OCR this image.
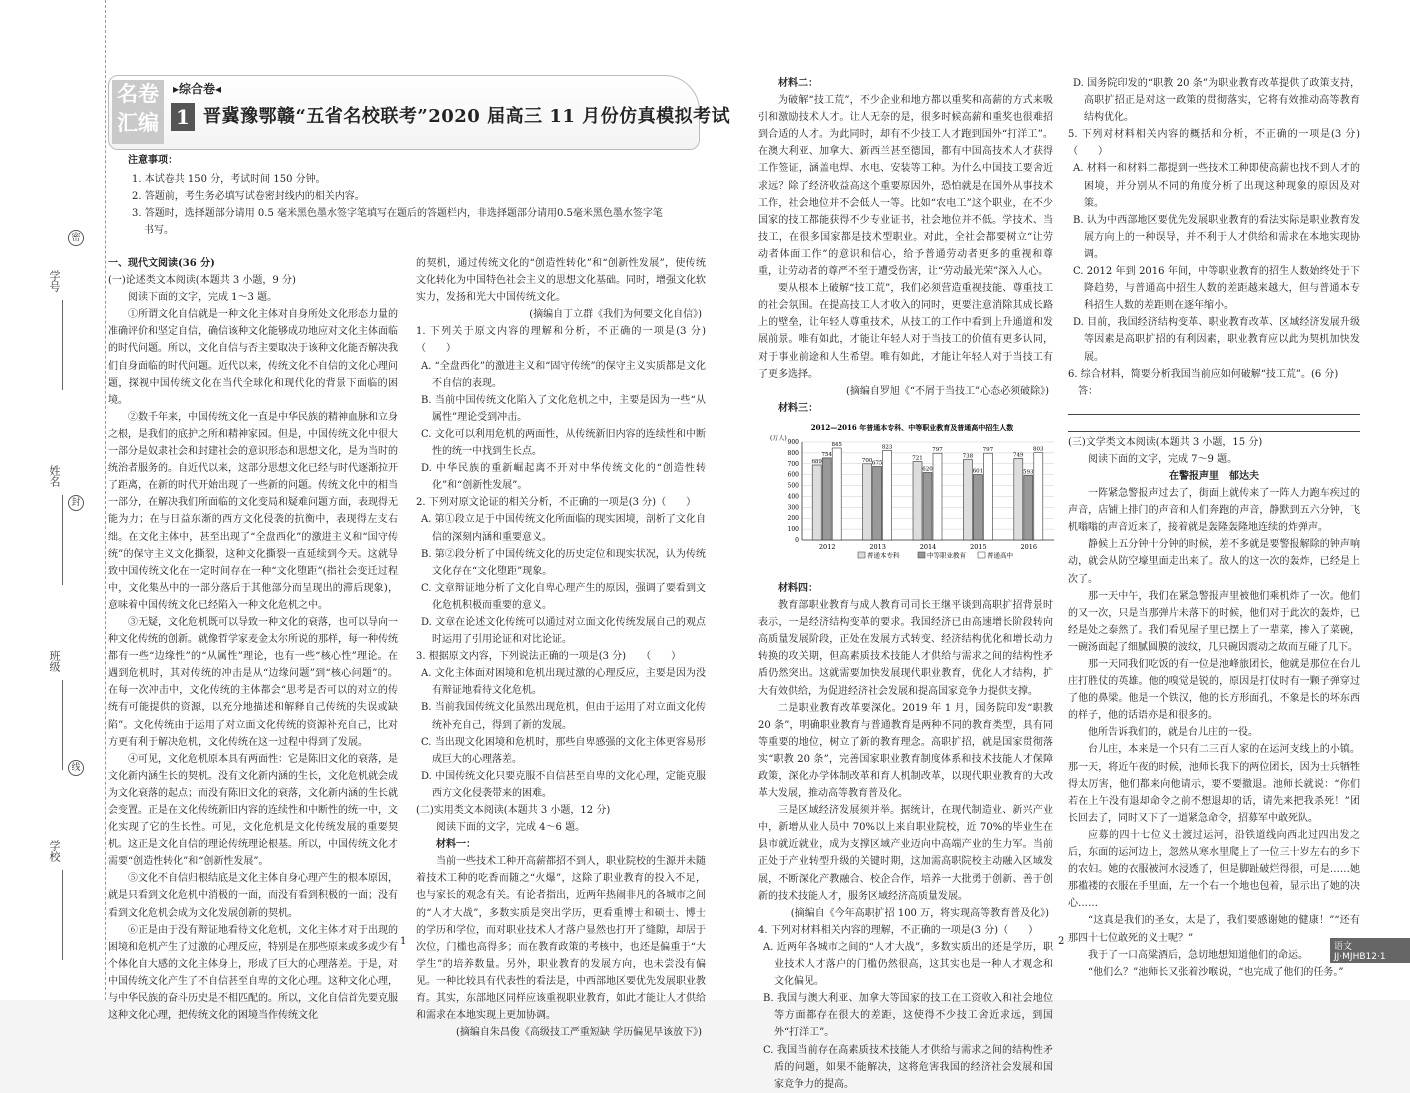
学号
姓名
班级
学校
密
封
线
名卷
汇编
▸综合卷◂
1 晋冀豫鄂赣“五省名校联考”2020 届高三 11 月份仿真模拟考试
注意事项：

1. 本试卷共 150 分，考试时间 150 分钟。

2. 答题前，考生务必填写试卷密封线内的相关内容。

3. 答题时，选择题部分请用 0.5 毫米黑色墨水签字笔填写在题后的答题栏内，非选择题部分请用0.5毫米黑色墨水签字笔

书写。

一、现代文阅读(36 分)

(一)论述类文本阅读(本题共 3 小题，9 分)

阅读下面的文字，完成 1～3 题。

①所谓文化自信就是一种文化主体对自身所处文化形态力量的准确评价和坚定自信，确信该种文化能够成功地应对文化主体面临的时代问题。所以，文化自信与否主要取决于该种文化能否解决我们自身面临的时代问题。近代以来，传统文化不自信的文化心理问题，探视中国传统文化在当代全球化和现代化的背景下面临的困境。

②数千年来，中国传统文化一直是中华民族的精神血脉和立身之根，是我们的底护之所和精神家园。但是，中国传统文化中很大一部分是奴隶社会和封建社会的意识形态和思想文化，是为当时的统治者服务的。自近代以来，这部分思想文化已经与时代逐渐拉开了距离，在新的时代开始出现了一些新的问题。传统文化中的相当一部分，在解决我们所面临的文化变局和疑难问题方面，表现得无能为力；在与日益东渐的西方文化侵袭的抗衡中，表现得左支右绌。在文化主体中，甚至出现了“全盘西化”的激进主义和“国守传统”的保守主义文化撕裂，这种文化撕裂一直延续到今天。这就导致中国传统文化在一定时间存在一种“文化堕距”(指社会变迁过程中，文化集丛中的一部分落后于其他部分而呈现出的滞后现象)，意味着中国传统文化已经陷入一种文化危机之中。

③无疑，文化危机既可以导致一种文化的衰落，也可以导向一种文化传统的创新。就像哲学家麦金太尔所说的那样，每一种传统都有一些“边缘性”的“从属性”理论，也有一些“核心性”理论。在遇到危机时，其对传统的冲击是从“边缘问题”到“核心问题”的。在每一次冲击中，文化传统的主体都会“思考是否可以的对立的传统有可能提供的资源，以充分地描述和解释自己传统的失误或缺陷”。文化传统由于运用了对立面文化传统的资源补充自己，比对方更有利于解决危机，文化传统在这一过程中得到了发展。

④可见，文化危机原本具有两面性：它是陈旧文化的衰落，是文化新内涵生长的契机。没有文化新内涵的生长，文化危机就会成为文化衰落的起点；而没有陈旧文化的衰落，文化新内涵的生长就会变置。正是在文化传统新旧内容的连续性和中断性的统一中，文化实现了它的生长性。可见，文化危机是文化传统发展的重要契机。这正是文化自信的理论传统理论根基。所以，中国传统文化才需要“创造性转化”和“创新性发展”。

⑤文化不自信归根结底是文化主体自身心理产生的根本原因，就是只看到文化危机中消极的一面，而没有看到积极的一面；没有看到文化危机会成为文化发展创新的契机。

⑥正是由于没有辩证地看待文化危机，文化主体才对于出现的困境和危机产生了过激的心理反应，特别是在那些原来或多或少有个体化自大感的文化主体身上，形成了巨大的心理落差。于是，对中国传统文化产生了不自信甚至自卑的文化心理。这种文化心理，与中华民族的奋斗历史是不相匹配的。所以，文化自信首先要克服这种文化心理，把传统文化的困境当作传统文化

的契机，通过传统文化的“创造性转化”和“创新性发展”，使传统文化转化为中国特色社会主义的思想文化基础。同时，增强文化软实力，发扬和光大中国传统文化。

(摘编自丁立群《我们为何要文化自信》)

1. 下列关于原文内容的理解和分析，不正确的一项是(3 分)（　　）

A. “全盘西化”的激进主义和“固守传统”的保守主义实质都是文化不自信的表现。

B. 当前中国传统文化陷入了文化危机之中，主要是因为一些“从属性”理论受到冲击。

C. 文化可以利用危机的两面性，从传统新旧内容的连续性和中断性的统一中找到生长点。

D. 中华民族的重新崛起离不开对中华传统文化的“创造性转化”和“创新性发展”。

2. 下列对原文论证的相关分析，不正确的一项是(3 分)（　　）

A. 第①段立足于中国传统文化所面临的现实困境，剖析了文化自信的深刻内涵和重要意义。

B. 第②段分析了中国传统文化的历史定位和现实状况，认为传统文化存在“文化堕距”现象。

C. 文章辩证地分析了文化自卑心理产生的原因，强调了要看到文化危机积极而重要的意义。

D. 文章在论述文化传统可以通过对立面文化传统发展自己的观点时运用了引用论证和对比论证。

3. 根据原文内容，下列说法正确的一项是(3 分)　　（　　）

A. 文化主体面对困境和危机出现过激的心理反应，主要是因为没有辩证地看待文化危机。

B. 当前我国传统文化虽然出现危机，但由于运用了对立面文化传统补充自己，得到了新的发展。

C. 当出现文化困境和危机时，那些自卑感强的文化主体更容易形成巨大的心理落差。

D. 中国传统文化只要克服不自信甚至自卑的文化心理，定能克服西方文化侵袭带来的困难。

(二)实用类文本阅读(本题共 3 小题，12 分)

阅读下面的文字，完成 4～6 题。

材料一：

当前一些技术工种开高薪都招不到人，职业院校的生源并未随着技术工种的吃香而随之“火爆”，这除了职业教育的投入不足，也与家长的观念有关。有论者指出，近两年热闹非凡的各城市之间的“人才大战”，多数实质是突出学历，更看重博士和硕士、博士的学历和学位，而对职业技术人才落户显然也打开了缝隙，却居于次位，门槛也高得多；而在教育政策的考核中，也还是偏重于“大学生”的培养数量。另外，职业教育的发展方向，也未尝没有偏见。一种比较具有代表性的看法是，中西部地区要优先发展职业教育。其实，东部地区同样应该重视职业教育，如此才能让人才供给和需求在本地实现上更加协调。

(摘编自朱昌俊《高级技工严重短缺 学历偏见早该放下》)

材料二：

为破解“技工荒”，不少企业和地方都以重奖和高薪的方式来吸引和激励技术人才。让人无奈的是，很多时候高薪和重奖也很难招到合适的人才。为此同时，却有不少技工人才跑到国外“打洋工”。在澳大利亚、加拿大、新西兰甚至德国，都有中国高技术人才获得工作签证，涵盖电焊、水电、安装等工种。为什么中国技工要舍近求远？除了经济收益高这个重要原因外，恐怕就是在国外从事技术工作，社会地位并不会低人一等。比如“农电工”这个职业，在不少国家的技工都能获得不少专业证书，社会地位并不低。学技术、当技工，在很多国家都是技术型职业。对此，全社会都要树立“让劳动者体面工作”的意识和信心，给予普通劳动者更多的重视和尊重，让劳动者的尊严不至于遭受伤害，让“劳动最光荣”深入人心。

要从根本上破解“技工荒”，我们必须营造重视技能、尊重技工的社会氛围。在提高技工人才收入的同时，更要注意消除其成长路上的壁垒，让年轻人尊重技术，从技工的工作中看到上升通道和发展前景。唯有如此，才能让年轻人对于当技工的价值有更多认同，对于事业前途和人生希望。唯有如此，才能让年轻人对于当技工有了更多选择。

(摘编自罗旭《“不屑于当技工”心态必须破除》)

材料三：

2012—2016 年普通本专科、中等职业教育及普通高中招生人数
(万人)
0
100
200
300
400
500
600
700
800
900
689
754
845
2012
700 675
823
2013
721
620
797
2014
738
601
797
2015
749
593
803
2016
普通本专科	中等职业教育	普通高中

材料四：

教育部职业教育与成人教育司司长王继平谈到高职扩招背景时表示，一是经济结构变革的要求。我国经济已由高速增长阶段转向高质量发展阶段，正处在发展方式转变、经济结构优化和增长动力转换的攻关期，但高素质技术技能人才供给与需求之间的结构性矛盾仍然突出。这就需要加快发展现代职业教育，优化人才结构，扩大有效供给，为促进经济社会发展和提高国家竞争力提供支撑。

二是职业教育改革要深化。2019 年 1 月，国务院印发“职教 20 条”，明确职业教育与普通教育是两种不同的教育类型，具有同等重要的地位，树立了新的教育理念。高职扩招，就是国家贯彻落实“职教 20 条”，完善国家职业教育制度体系和技术技能人才保障政策，深化办学体制改革和育人机制改革，以现代职业教育的大改革大发展，推动高等教育普及化。

三是区域经济发展须并举。据统计，在现代制造业、新兴产业中，新增从业人员中 70%以上来自职业院校，近 70%的毕业生在县市就近就业，成为支撑区域产业迈向中高端产业的生力军。当前正处于产业转型升级的关键时期，这加需高职院校主动融入区域发展，不断深化产教融合、校企合作，培养一大批勇于创新、善于创新的技术技能人才，服务区域经济高质量发展。

(摘编自《今年高职扩招 100 万，将实现高等教育普及化》)

4. 下列对材料相关内容的理解，不正确的一项是(3 分)（　　）

A. 近两年各城市之间的“人才大战”，多数实质出的还是学历，职业技术人才落户的门槛仍然很高，这其实也是一种人才观念和文化偏见。

B. 我国与澳大利亚、加拿大等国家的技工在工资收入和社会地位等方面都存在很大的差距，这使得不少技工舍近求远，到国外“打洋工”。

C. 我国当前存在高素质技术技能人才供给与需求之间的结构性矛盾的问题，如果不能解决，这将危害我国的经济社会发展和国家竞争力的提高。

D. 国务院印发的“职教 20 条”为职业教育改革提供了政策支持，高职扩招正是对这一政策的贯彻落实，它将有效推动高等教育结构优化。

5. 下列对材料相关内容的概括和分析，不正确的一项是(3 分)（　　）

A. 材料一和材料二都提到一些技术工种即使高薪也找不到人才的困境，并分别从不同的角度分析了出现这种现象的原因及对策。

B. 认为中西部地区要优先发展职业教育的看法实际是职业教育发展方向上的一种误导，并不利于人才供给和需求在本地实现协调。

C. 2012 年到 2016 年间，中等职业教育的招生人数始终处于下降趋势，与普通高中招生人数的差距越来越大，但与普通本专科招生人数的差距则在逐年缩小。

D. 目前，我国经济结构变革、职业教育改革、区域经济发展升级等因素是高职扩招的有利因素，职业教育应以此为契机加快发展。

6. 综合材料，简要分析我国当前应如何破解“技工荒”。(6 分)

　答：

(三)文学类文本阅读(本题共 3 小题，15 分)

阅读下面的文字，完成 7～9 题。

在警报声里　郁达夫

一阵紧急警报声过去了，街面上就传来了一阵人力跑车疾过的声音，店铺上排门的声音和人们奔跑的声音，静默到五六分钟，飞机嗡嗡的声音近来了，接着就是轰隆轰隆地连续的炸弹声。

静候上五分钟十分钟的时候，差不多就是要警报解除的钟声响动，就会从防空壕里面走出来了。敌人的这一次的轰炸，已经是上次了。

那一天中午，我们在紧急警报声里被他们乘机炸了一次。他们的又一次，只是当那弹片未落下的时候，他们对于此次的轰炸，已经是处之泰然了。我们看见屋子里已摆上了一辈菜，掺入了菜碗，一碗汤面起了细腻圆膜的波纹，几只碗因震动之故而互碰了几下。

那一天同我们吃饭的有一位是池峰旅团长，他就是那位在台儿庄打胜仗的英雄。他的嗅觉是锐的，原因是打仗时有一颗子弹穿过了他的鼻梁。他是一个铁汉，他的长方形面孔，不象是长的坏东西的样子，他的话语亦是和很多的。

他所告诉我们的，就是台儿庄的一役。

台儿庄，本来是一个只有二三百人家的在运河支线上的小镇。那一天，将近午夜的时候，池师长我下的两位团长，因为士兵牺牲得太厉害，他们都来向他请示，要不要撤退。池师长就说：“你们若在上午没有退却命令之前不想退却的话，请先来把我杀死！”团长回去了，同时又下了一道紧急命令，招募军中敢死队。

应募的四十七位义士渡过运河，沿铁道线向西北过四出发之后，东面的运河边上，忽然从寒水里爬上了一位三十岁左右的乡下的农妇。她的衣服被河水浸透了，但是脚趾破烂得很，可是……她那褴褛的衣服在手里面，左一个右一个地也包着，显示出了她的决心……

“这真是我们的圣女，太是了，我们要感谢她的健康！”“还有那四十七位敢死的义士呢？”

我于了一口高粱酒后，急切地想知道他们的命运。

“他们么？”池师长又张着沙喉说，“也完成了他们的任务。”

1	2	语文 JJ·MJHB12·1
